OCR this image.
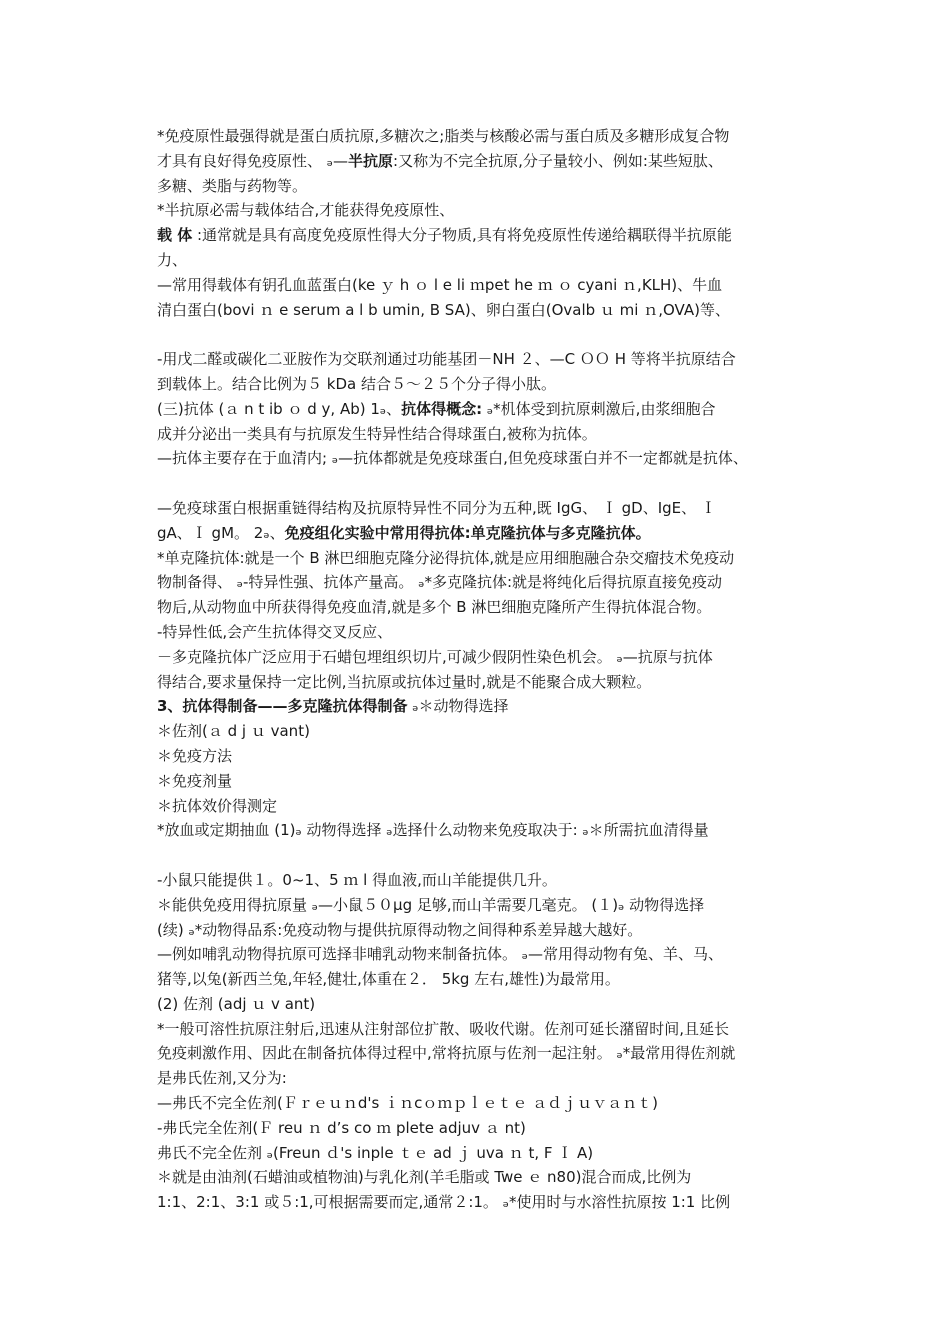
*免疫原性最强得就是蛋白质抗原,多糖次之;脂类与核酸必需与蛋白质及多糖形成复合物
才具有良好得免疫原性、 ₔ—半抗原:又称为不完全抗原,分子量较小、例如:某些短肽、
多糖、类脂与药物等。
*半抗原必需与载体结合,才能获得免疫原性、
载 体 :通常就是具有高度免疫原性得大分子物质,具有将免疫原性传递给耦联得半抗原能
力、
—常用得载体有钥孔血蓝蛋白(ke ｙ h ｏ l e li ｍpet he ｍ ｏ cyani ｎ,KLH)、牛血
清白蛋白(bovi ｎ e serum a l b umin, B SA)、卵白蛋白(Ovalb ｕ mi ｎ,OVA)等、
-用戊二醛或碳化二亚胺作为交联剂通过功能基团－NH ２、—C ＯＯ H 等将半抗原结合
到载体上。结合比例为５ kDa 结合５～２５个分子得小肽。
(三)抗体 (ａ n t ib ｏ d y, Ab) 1ₔ、抗体得概念: ₔ*机体受到抗原刺激后,由浆细胞合
成并分泌出一类具有与抗原发生特异性结合得球蛋白,被称为抗体。
—抗体主要存在于血清内; ₔ—抗体都就是免疫球蛋白,但免疫球蛋白并不一定都就是抗体、
—免疫球蛋白根据重链得结构及抗原特异性不同分为五种,既 IgG、 Ｉ gD、IgE、 Ｉ
gA、Ｉ gM。 2ₔ、免疫组化实验中常用得抗体:单克隆抗体与多克隆抗体。
*单克隆抗体:就是一个 B 淋巴细胞克隆分泌得抗体,就是应用细胞融合杂交瘤技术免疫动
物制备得、 ₔ-特异性强、抗体产量高。 ₔ*多克隆抗体:就是将纯化后得抗原直接免疫动
物后,从动物血中所获得得免疫血清,就是多个 B 淋巴细胞克隆所产生得抗体混合物。
-特异性低,会产生抗体得交叉反应、
－多克隆抗体广泛应用于石蜡包埋组织切片,可减少假阴性染色机会。 ₔ—抗原与抗体
得结合,要求量保持一定比例,当抗原或抗体过量时,就是不能聚合成大颗粒。
3、抗体得制备——多克隆抗体得制备 ₔ＊动物得选择
＊佐剂(ａ d j ｕ vant)
＊免疫方法
＊免疫剂量
＊抗体效价得测定
*放血或定期抽血 (1)ₔ 动物得选择 ₔ选择什么动物来免疫取决于: ₔ＊所需抗血清得量
-小鼠只能提供１。0~1、5 ｍ l 得血液,而山羊能提供几升。
＊能供免疫用得抗原量 ₔ—小鼠５０μg 足够,而山羊需要几毫克。 (１)ₔ 动物得选择
(续) ₔ*动物得品系:免疫动物与提供抗原得动物之间得种系差异越大越好。
—例如哺乳动物得抗原可选择非哺乳动物来制备抗体。 ₔ—常用得动物有兔、羊、马、
猪等,以兔(新西兰兔,年轻,健壮,体重在２． 5kg 左右,雄性)为最常用。
(2) 佐剂 (adj ｕ v ant)
*一般可溶性抗原注射后,迅速从注射部位扩散、吸收代谢。佐剂可延长潴留时间,且延长
免疫刺激作用、因此在制备抗体得过程中,常将抗原与佐剂一起注射。 ₔ*最常用得佐剂就
是弗氏佐剂,又分为:
—弗氏不完全佐剂(Ｆｒｅｕｎd's ｉｎcｏｍｐｌｅｔｅ ａｄｊｕｖａｎｔ)
-弗氏完全佐剂(Ｆ reu ｎ d’s co ｍ plete adjuv ａ nt)
弗氏不完全佐剂 ₔ(Freun ｄ's inple ｔｅ ad ｊ uva ｎ t, F Ｉ A)
＊就是由油剂(石蜡油或植物油)与乳化剂(羊毛脂或 Twe ｅ n80)混合而成,比例为
1:1、2:1、3:1 或５:1,可根据需要而定,通常２:1。 ₔ*使用时与水溶性抗原按 1:1 比例
